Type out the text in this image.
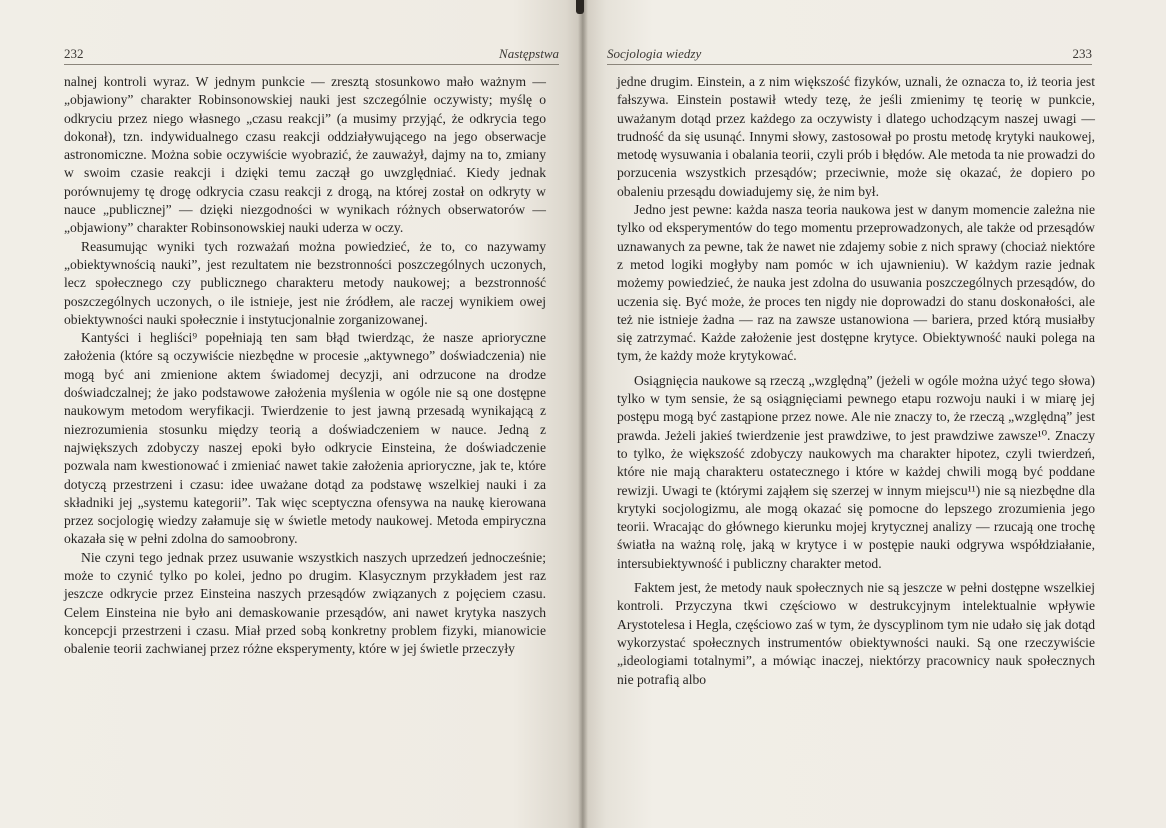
232	Następstwa

nalnej kontroli wyraz. W jednym punkcie — zresztą stosunkowo mało ważnym — „objawiony” charakter Robinsonowskiej nauki jest szczególnie oczywisty; myślę o odkryciu przez niego własnego „czasu reakcji” (a musimy przyjąć, że odkrycia tego dokonał), tzn. indywidualnego czasu reakcji oddziaływującego na jego obserwacje astronomiczne. Można sobie oczywiście wyobrazić, że zauważył, dajmy na to, zmiany w swoim czasie reakcji i dzięki temu zaczął go uwzględniać. Kiedy jednak porównujemy tę drogę odkrycia czasu reakcji z drogą, na której został on odkryty w nauce „publicznej” — dzięki niezgodności w wynikach różnych obserwatorów — „objawiony” charakter Robinsonowskiej nauki uderza w oczy.

Reasumując wyniki tych rozważań można powiedzieć, że to, co nazywamy „obiektywnością nauki”, jest rezultatem nie bezstronności poszczególnych uczonych, lecz społecznego czy publicznego charakteru metody naukowej; a bezstronność poszczególnych uczonych, o ile istnieje, jest nie źródłem, ale raczej wynikiem owej obiektywności nauki społecznie i instytucjonalnie zorganizowanej.

Kantyści i hegliści⁹ popełniają ten sam błąd twierdząc, że nasze aprioryczne założenia (które są oczywiście niezbędne w procesie „aktywnego” doświadczenia) nie mogą być ani zmienione aktem świadomej decyzji, ani odrzucone na drodze doświadczalnej; że jako podstawowe założenia myślenia w ogóle nie są one dostępne naukowym metodom weryfikacji. Twierdzenie to jest jawną przesadą wynikającą z niezrozumienia stosunku między teorią a doświadczeniem w nauce. Jedną z największych zdobyczy naszej epoki było odkrycie Einsteina, że doświadczenie pozwala nam kwestionować i zmieniać nawet takie założenia aprioryczne, jak te, które dotyczą przestrzeni i czasu: idee uważane dotąd za podstawę wszelkiej nauki i za składniki jej „systemu kategorii”. Tak więc sceptyczna ofensywa na naukę kierowana przez socjologię wiedzy załamuje się w świetle metody naukowej. Metoda empiryczna okazała się w pełni zdolna do samoobrony.

Nie czyni tego jednak przez usuwanie wszystkich naszych uprzedzeń jednocześnie; może to czynić tylko po kolei, jedno po drugim. Klasycznym przykładem jest raz jeszcze odkrycie przez Einsteina naszych przesądów związanych z pojęciem czasu. Celem Einsteina nie było ani demaskowanie przesądów, ani nawet krytyka naszych koncepcji przestrzeni i czasu. Miał przed sobą konkretny problem fizyki, mianowicie obalenie teorii zachwianej przez różne eksperymenty, które w jej świetle przeczyły

Socjologia wiedzy	233

jedne drugim. Einstein, a z nim większość fizyków, uznali, że oznacza to, iż teoria jest fałszywa. Einstein postawił wtedy tezę, że jeśli zmienimy tę teorię w punkcie, uważanym dotąd przez każdego za oczywisty i dlatego uchodzącym naszej uwagi — trudność da się usunąć. Innymi słowy, zastosował po prostu metodę krytyki naukowej, metodę wysuwania i obalania teorii, czyli prób i błędów. Ale metoda ta nie prowadzi do porzucenia wszystkich przesądów; przeciwnie, może się okazać, że dopiero po obaleniu przesądu dowiadujemy się, że nim był.

Jedno jest pewne: każda nasza teoria naukowa jest w danym momencie zależna nie tylko od eksperymentów do tego momentu przeprowadzonych, ale także od przesądów uznawanych za pewne, tak że nawet nie zdajemy sobie z nich sprawy (chociaż niektóre z metod logiki mogłyby nam pomóc w ich ujawnieniu). W każdym razie jednak możemy powiedzieć, że nauka jest zdolna do usuwania poszczególnych przesądów, do uczenia się. Być może, że proces ten nigdy nie doprowadzi do stanu doskonałości, ale też nie istnieje żadna — raz na zawsze ustanowiona — bariera, przed którą musiałby się zatrzymać. Każde założenie jest dostępne krytyce. Obiektywność nauki polega na tym, że każdy może krytykować.

Osiągnięcia naukowe są rzeczą „względną” (jeżeli w ogóle można użyć tego słowa) tylko w tym sensie, że są osiągnięciami pewnego etapu rozwoju nauki i w miarę jej postępu mogą być zastąpione przez nowe. Ale nie znaczy to, że rzeczą „względną” jest prawda. Jeżeli jakieś twierdzenie jest prawdziwe, to jest prawdziwe zawsze¹⁰. Znaczy to tylko, że większość zdobyczy naukowych ma charakter hipotez, czyli twierdzeń, które nie mają charakteru ostatecznego i które w każdej chwili mogą być poddane rewizji. Uwagi te (którymi zająłem się szerzej w innym miejscu¹¹) nie są niezbędne dla krytyki socjologizmu, ale mogą okazać się pomocne do lepszego zrozumienia jego teorii. Wracając do głównego kierunku mojej krytycznej analizy — rzucają one trochę światła na ważną rolę, jaką w krytyce i w postępie nauki odgrywa współdziałanie, intersubiektywność i publiczny charakter metod.

Faktem jest, że metody nauk społecznych nie są jeszcze w pełni dostępne wszelkiej kontroli. Przyczyna tkwi częściowo w destrukcyjnym intelektualnie wpływie Arystotelesa i Hegla, częściowo zaś w tym, że dyscyplinom tym nie udało się jak dotąd wykorzystać społecznych instrumentów obiektywności nauki. Są one rzeczywiście „ideologiami totalnymi”, a mówiąc inaczej, niektórzy pracownicy nauk społecznych nie potrafią albo
